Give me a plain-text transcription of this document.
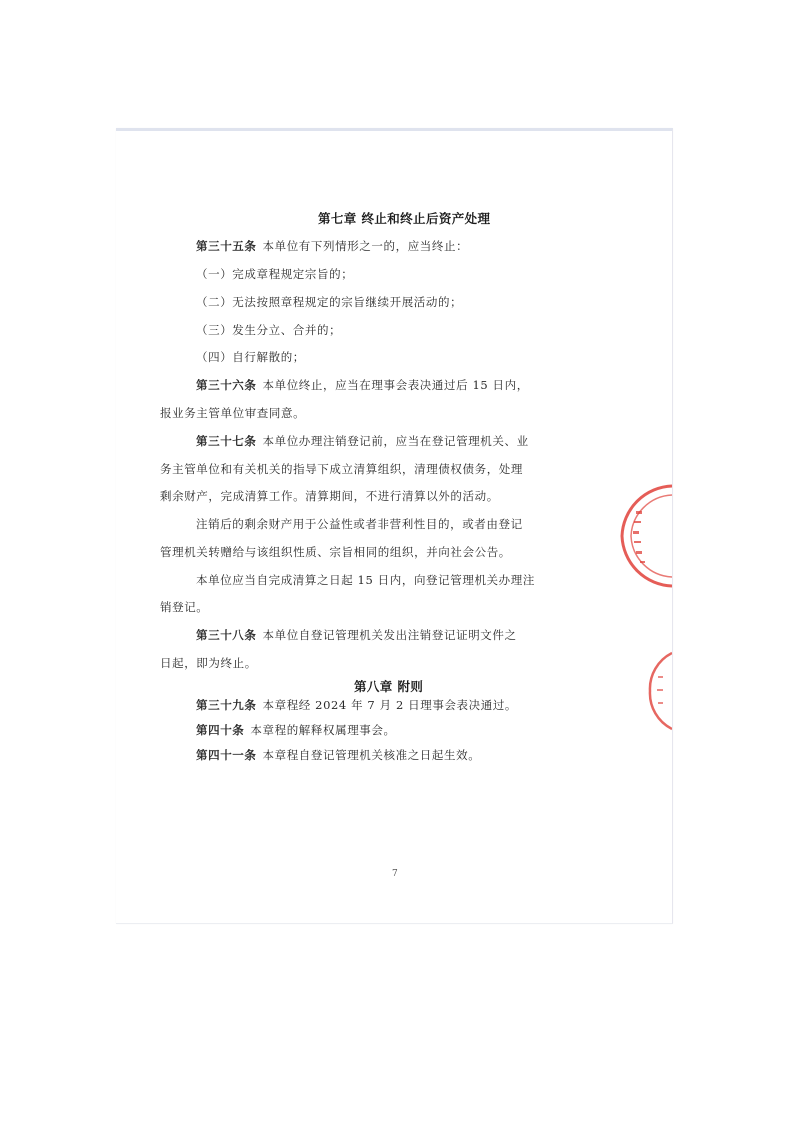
第七章 终止和终止后资产处理
第三十五条 本单位有下列情形之一的，应当终止：
（一）完成章程规定宗旨的；
（二）无法按照章程规定的宗旨继续开展活动的；
（三）发生分立、合并的；
（四）自行解散的；
第三十六条 本单位终止，应当在理事会表决通过后 15 日内，
报业务主管单位审查同意。
第三十七条 本单位办理注销登记前，应当在登记管理机关、业
务主管单位和有关机关的指导下成立清算组织，清理债权债务，处理
剩余财产，完成清算工作。清算期间，不进行清算以外的活动。
注销后的剩余财产用于公益性或者非营利性目的，或者由登记
管理机关转赠给与该组织性质、宗旨相同的组织，并向社会公告。
本单位应当自完成清算之日起 15 日内，向登记管理机关办理注
销登记。
第三十八条 本单位自登记管理机关发出注销登记证明文件之
日起，即为终止。
第八章 附则
第三十九条 本章程经 2024 年 7 月 2 日理事会表决通过。
第四十条 本章程的解释权属理事会。
第四十一条 本章程自登记管理机关核准之日起生效。
7
